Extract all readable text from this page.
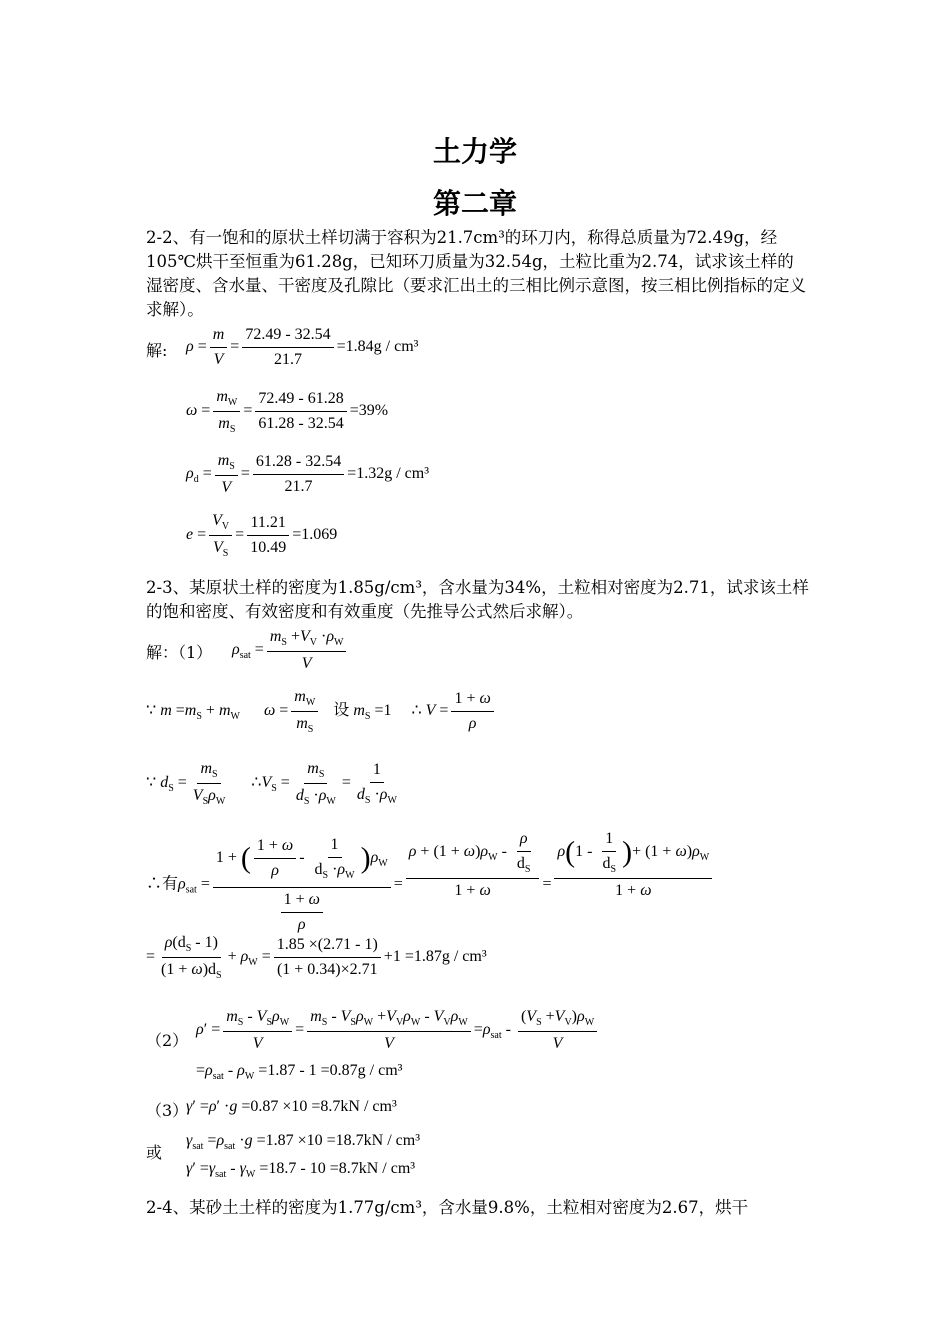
土力学
第二章
2-2、有一饱和的原状土样切满于容积为21.7cm³的环刀内，称得总质量为72.49g，经105℃烘干至恒重为61.28g，已知环刀质量为32.54g，土粒比重为2.74，试求该土样的湿密度、含水量、干密度及孔隙比（要求汇出土的三相比例示意图，按三相比例指标的定义求解）。
解: $\rho = \frac{m}{V} = \frac{72.49 - 32.54}{21.7} =1.84g / cm^3$
$\omega = \frac{m_W}{m_S} = \frac{72.49 - 61.28}{61.28 - 32.54} =39\%$
$\rho_d = \frac{m_S}{V} = \frac{61.28 - 32.54}{21.7} =1.32g / cm^3$
$e = \frac{V_V}{V_S} = \frac{11.21}{10.49} =1.069$
2-3、某原状土样的密度为1.85g/cm³，含水量为34%，土粒相对密度为2.71，试求该土样的饱和密度、有效密度和有效重度（先推导公式然后求解）。
解：（1） $\rho_{sat} = \frac{m_S +V_V \cdot\rho_W}{V}$
∵ $m =m_S + m_W$ $\omega = \frac{m_W}{m_S}$ 设 $m_S =1$     ∴ $V = \frac{1 + \omega}{\rho}$
∵ $d_S = \frac{m_S}{V_S\rho_W}$ $\therefore V_S = \frac{m_S}{d_S \cdot\rho_W} = \frac{1}{d_S \cdot\rho_W}$
∴有$\rho_{sat} = \frac{1 + ( \frac{1 + \omega}{\rho} - \frac{1}{d_S \cdot\rho_W} )\rho_W}{\frac{1 + \omega}{\rho}} = \frac{\rho + (1 + \omega)\rho_W - \frac{\rho}{d_S}}{1 + \omega} = \frac{\rho(1 - \frac{1}{d_S} )+ (1 + \omega)\rho_W}{1 + \omega}$
= $\frac{\rho(d_S - 1)}{(1 + \omega)d_S} + \rho_W = \frac{1.85 \times(2.71 - 1)}{(1 + 0.34)\times 2.71} +1 =1.87g / cm^3$
（2）
$\rho' = \frac{m_S - V_S\rho_W}{V} = \frac{m_S - V_S\rho_W +V_V\rho_W - V_V\rho_W}{V} =\rho_{sat} - \frac{(V_S +V_V)\rho_W}{V}$
$=\rho_{sat} - \rho_W =1.87 - 1 =0.87g / cm^3$
（3）
γ′ =ρ′ ·g =0.87 ×10 =8.7kN / cm³
或
$\gamma_{sat} =\rho_{sat} \cdot g =1.87 \times 10 =18.7kN / cm^3$
$\gamma' =\gamma_{sat} - \gamma_W =18.7 - 10 =8.7kN / cm^3$
2-4、某砂土土样的密度为1.77g/cm³，含水量9.8%，土粒相对密度为2.67，烘干
